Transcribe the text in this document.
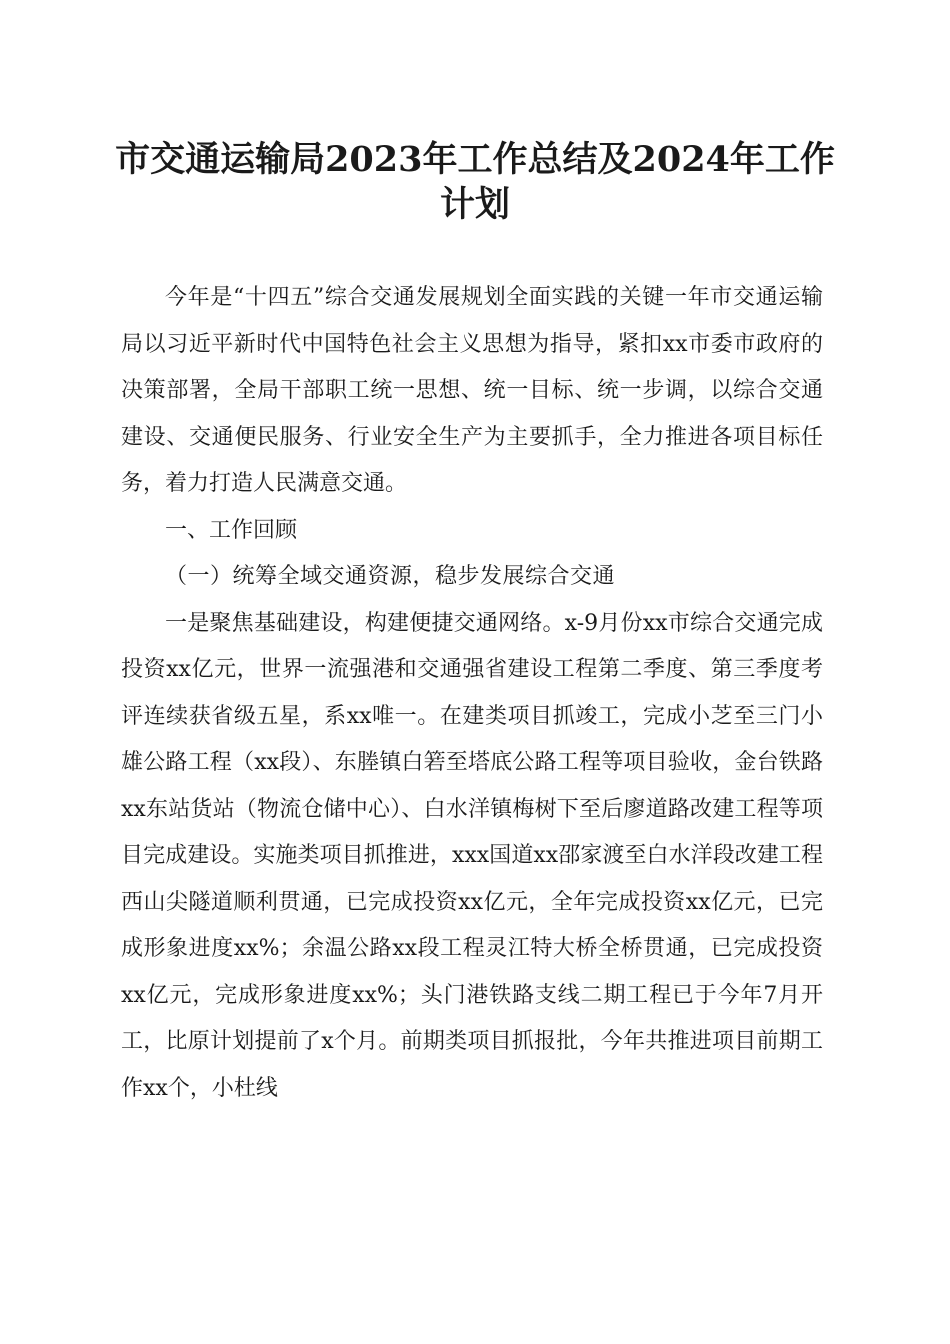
市交通运输局2023年工作总结及2024年工作
计划

今年是“十四五”综合交通发展规划全面实践的关键一年市交通运输局以习近平新时代中国特色社会主义思想为指导，紧扣xx市委市政府的决策部署，全局干部职工统一思想、统一目标、统一步调，以综合交通建设、交通便民服务、行业安全生产为主要抓手，全力推进各项目标任务，着力打造人民满意交通。

一、工作回顾

（一）统筹全域交通资源，稳步发展综合交通

一是聚焦基础建设，构建便捷交通网络。x-9月份xx市综合交通完成投资xx亿元，世界一流强港和交通强省建设工程第二季度、第三季度考评连续获省级五星，系xx唯一。在建类项目抓竣工，完成小芝至三门小雄公路工程（xx段）、东塍镇白箬至塔底公路工程等项目验收，金台铁路xx东站货站（物流仓储中心）、白水洋镇梅树下至后廖道路改建工程等项目完成建设。实施类项目抓推进，xxx国道xx邵家渡至白水洋段改建工程西山尖隧道顺利贯通，已完成投资xx亿元，全年完成投资xx亿元，已完成形象进度xx%；余温公路xx段工程灵江特大桥全桥贯通，已完成投资xx亿元，完成形象进度xx%；头门港铁路支线二期工程已于今年7月开工，比原计划提前了x个月。前期类项目抓报批，今年共推进项目前期工作xx个，小杜线
